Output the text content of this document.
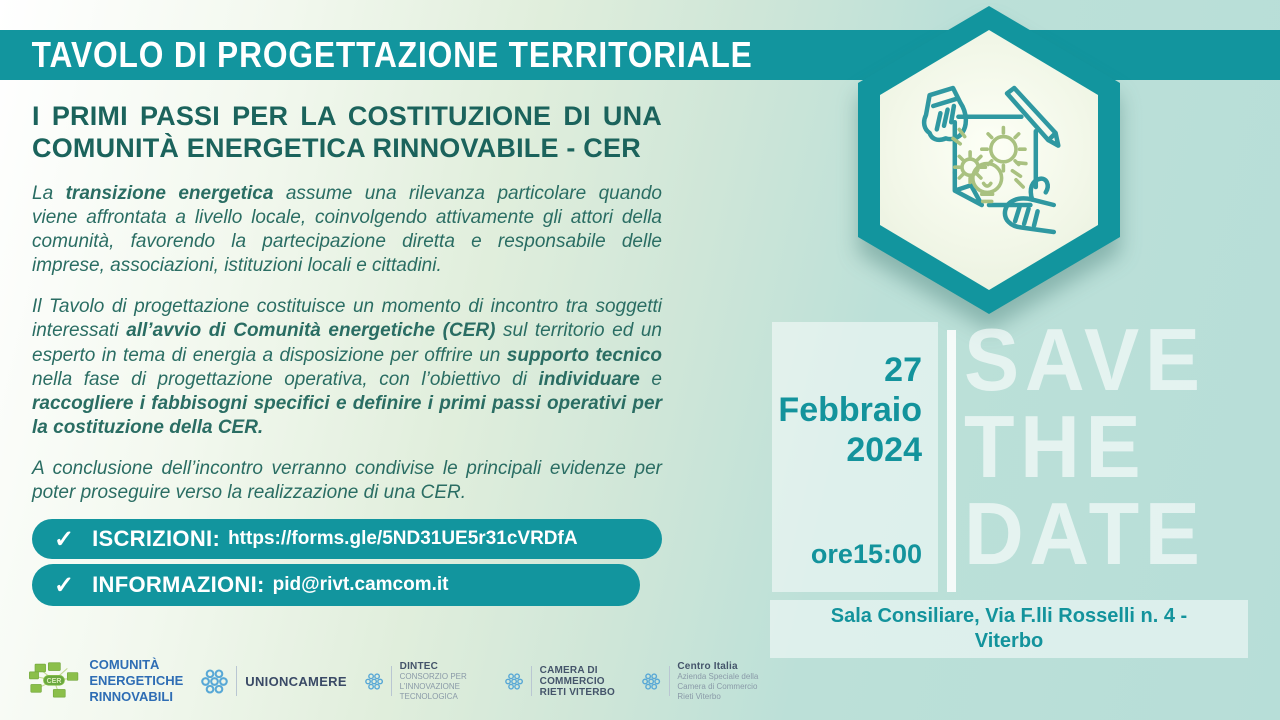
TAVOLO DI PROGETTAZIONE TERRITORIALE
I PRIMI PASSI PER LA COSTITUZIONE DI UNA
COMUNITÀ ENERGETICA RINNOVABILE - CER

La transizione energetica assume una rilevanza particolare quando viene affrontata a livello locale, coinvolgendo attivamente gli attori della comunità, favorendo la partecipazione diretta e responsabile delle imprese, associazioni, istituzioni locali e cittadini.

Il Tavolo di progettazione costituisce un momento di incontro tra soggetti interessati all’avvio di Comunità energetiche (CER) sul territorio ed un esperto in tema di energia a disposizione per offrire un supporto tecnico nella fase di progettazione operativa, con l’obiettivo di individuare e raccogliere i fabbisogni specifici e definire i primi passi operativi per la costituzione della CER.

A conclusione dell’incontro verranno condivise le principali evidenze per poter proseguire verso la realizzazione di una CER.

✓ ISCRIZIONI: https://forms.gle/5ND31UE5r31cVRDfA
✓ INFORMAZIONI: pid@rivt.camcom.it
27
Febbraio
2024
ore15:00
SAVE
THE
DATE
Sala Consiliare, Via F.lli Rosselli n. 4 - Viterbo
CER
COMUNITÀ
ENERGETICHE
RINNOVABILI
UNIONCAMERE
DINTEC
CONSORZIO PER L’INNOVAZIONE
TECNOLOGICA
CAMERA DI COMMERCIO
RIETI VITERBO
Centro Italia
Azienda Speciale della Camera di Commercio
Rieti Viterbo
